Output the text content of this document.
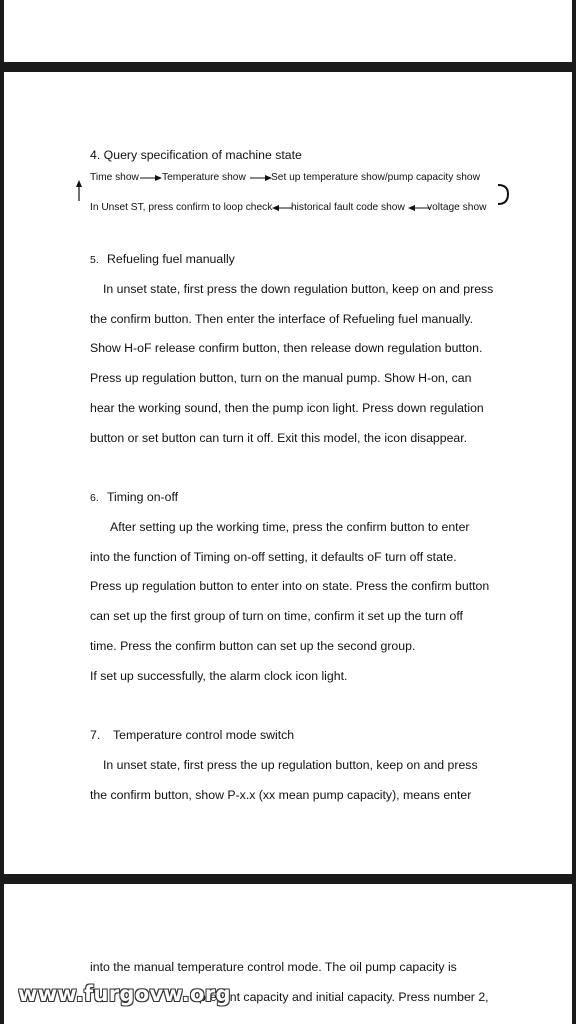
4. Query specification of machine state
Time show Temperature show Set up temperature show/pump capacity show
In Unset ST, press confirm to loop check historical fault code show voltage show
5. Refueling fuel manually
In unset state, first press the down regulation button, keep on and press
the confirm button. Then enter the interface of Refueling fuel manually.
Show H-oF release confirm button, then release down regulation button.
Press up regulation button, turn on the manual pump. Show H-on, can
hear the working sound, then the pump icon light. Press down regulation
button or set button can turn it off. Exit this model, the icon disappear.
6. Timing on-off
After setting up the working time, press the confirm button to enter
into the function of Timing on-off setting, it defaults oF turn off state.
Press up regulation button to enter into on state. Press the confirm button
can set up the first group of turn on time, confirm it set up the turn off
time. Press the confirm button can set up the second group.
If set up successfully, the alarm clock icon light.
7. Temperature control mode switch
In unset state, first press the up regulation button, keep on and press
the confirm button, show P-x.x (xx mean pump capacity), means enter
into the manual temperature control mode. The oil pump capacity is
present capacity and initial capacity. Press number 2,
www.furgovw.org
